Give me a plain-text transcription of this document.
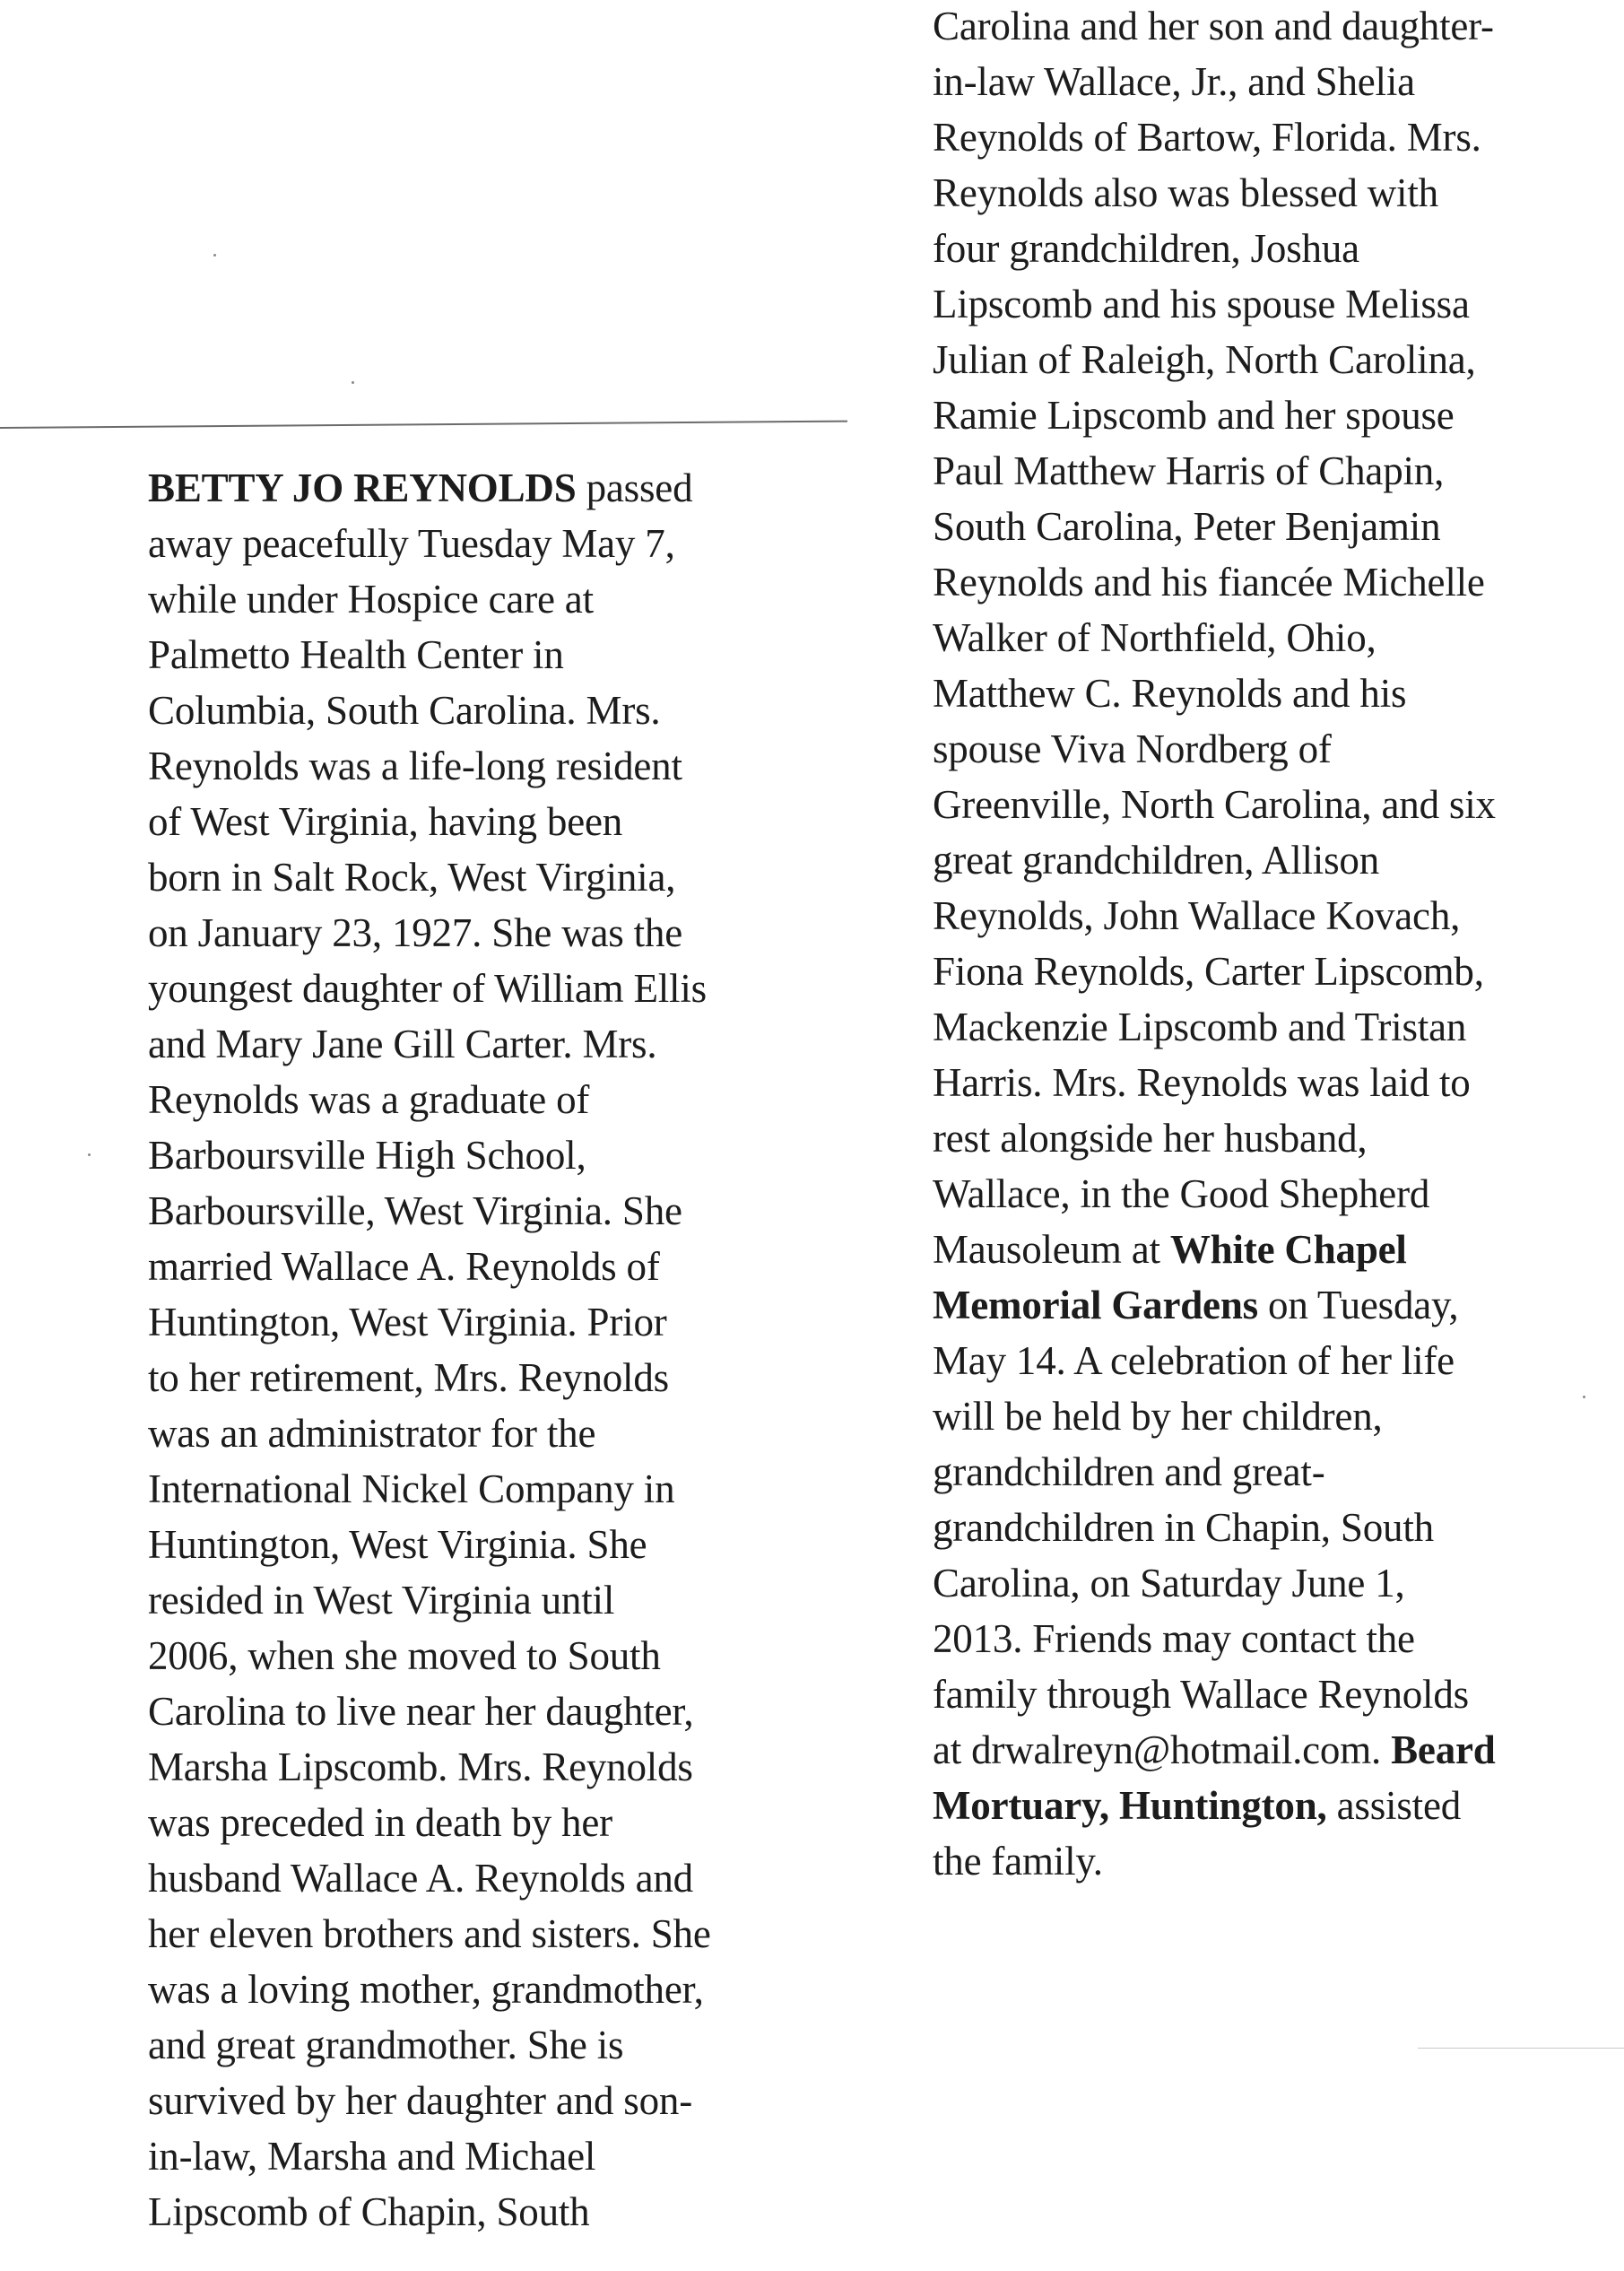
BETTY JO REYNOLDS passed
away peacefully Tuesday May 7,
while under Hospice care at
Palmetto Health Center in
Columbia, South Carolina. Mrs.
Reynolds was a life-long resident
of West Virginia, having been
born in Salt Rock, West Virginia,
on January 23, 1927. She was the
youngest daughter of William Ellis
and Mary Jane Gill Carter. Mrs.
Reynolds was a graduate of
Barboursville High School,
Barboursville, West Virginia. She
married Wallace A. Reynolds of
Huntington, West Virginia. Prior
to her retirement, Mrs. Reynolds
was an administrator for the
International Nickel Company in
Huntington, West Virginia. She
resided in West Virginia until
2006, when she moved to South
Carolina to live near her daughter,
Marsha Lipscomb. Mrs. Reynolds
was preceded in death by her
husband Wallace A. Reynolds and
her eleven brothers and sisters. She
was a loving mother, grandmother,
and great grandmother. She is
survived by her daughter and son-
in-law, Marsha and Michael
Lipscomb of Chapin, South
Carolina and her son and daughter-
in-law Wallace, Jr., and Shelia
Reynolds of Bartow, Florida. Mrs.
Reynolds also was blessed with
four grandchildren, Joshua
Lipscomb and his spouse Melissa
Julian of Raleigh, North Carolina,
Ramie Lipscomb and her spouse
Paul Matthew Harris of Chapin,
South Carolina, Peter Benjamin
Reynolds and his fiancée Michelle
Walker of Northfield, Ohio,
Matthew C. Reynolds and his
spouse Viva Nordberg of
Greenville, North Carolina, and six
great grandchildren, Allison
Reynolds, John Wallace Kovach,
Fiona Reynolds, Carter Lipscomb,
Mackenzie Lipscomb and Tristan
Harris. Mrs. Reynolds was laid to
rest alongside her husband,
Wallace, in the Good Shepherd
Mausoleum at White Chapel
Memorial Gardens on Tuesday,
May 14. A celebration of her life
will be held by her children,
grandchildren and great-
grandchildren in Chapin, South
Carolina, on Saturday June 1,
2013. Friends may contact the
family through Wallace Reynolds
at drwalreyn@hotmail.com. Beard
Mortuary, Huntington, assisted
the family.
